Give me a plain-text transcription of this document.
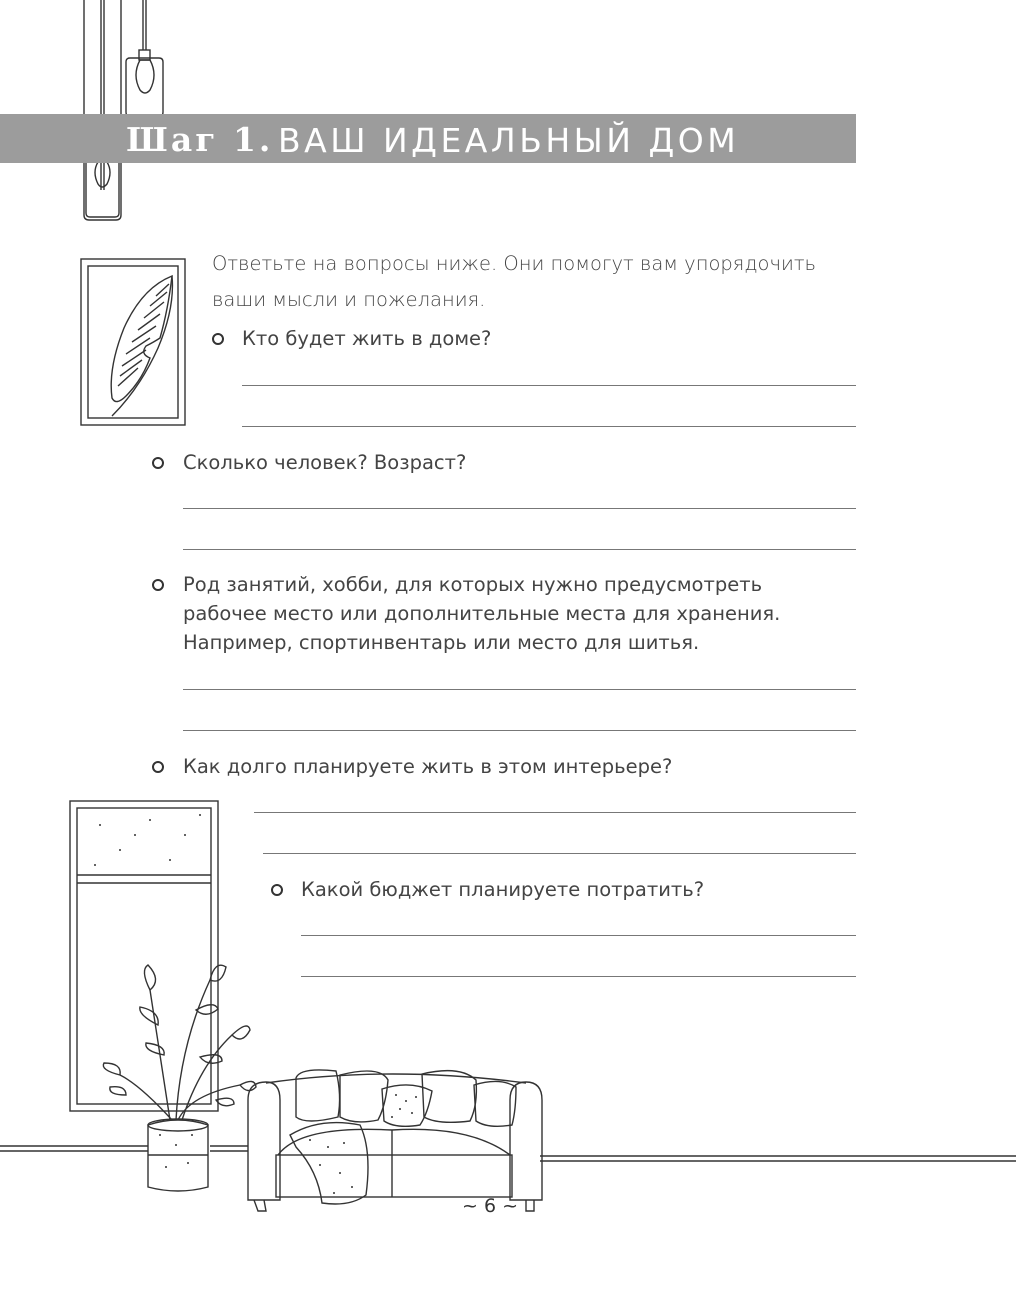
Шаг 1. ВАШ ИДЕАЛЬНЫЙ ДОМ
Ответьте на вопросы ниже. Они помогут вам упорядочить ваши мысли и пожелания.
Кто будет жить в доме?
Сколько человек? Возраст?
Род занятий, хобби, для которых нужно предусмотреть
рабочее место или дополнительные места для хранения.
Например, спортинвентарь или место для шитья.
Как долго планируете жить в этом интерьере?
Какой бюджет планируете потратить?
~ 6 ~
